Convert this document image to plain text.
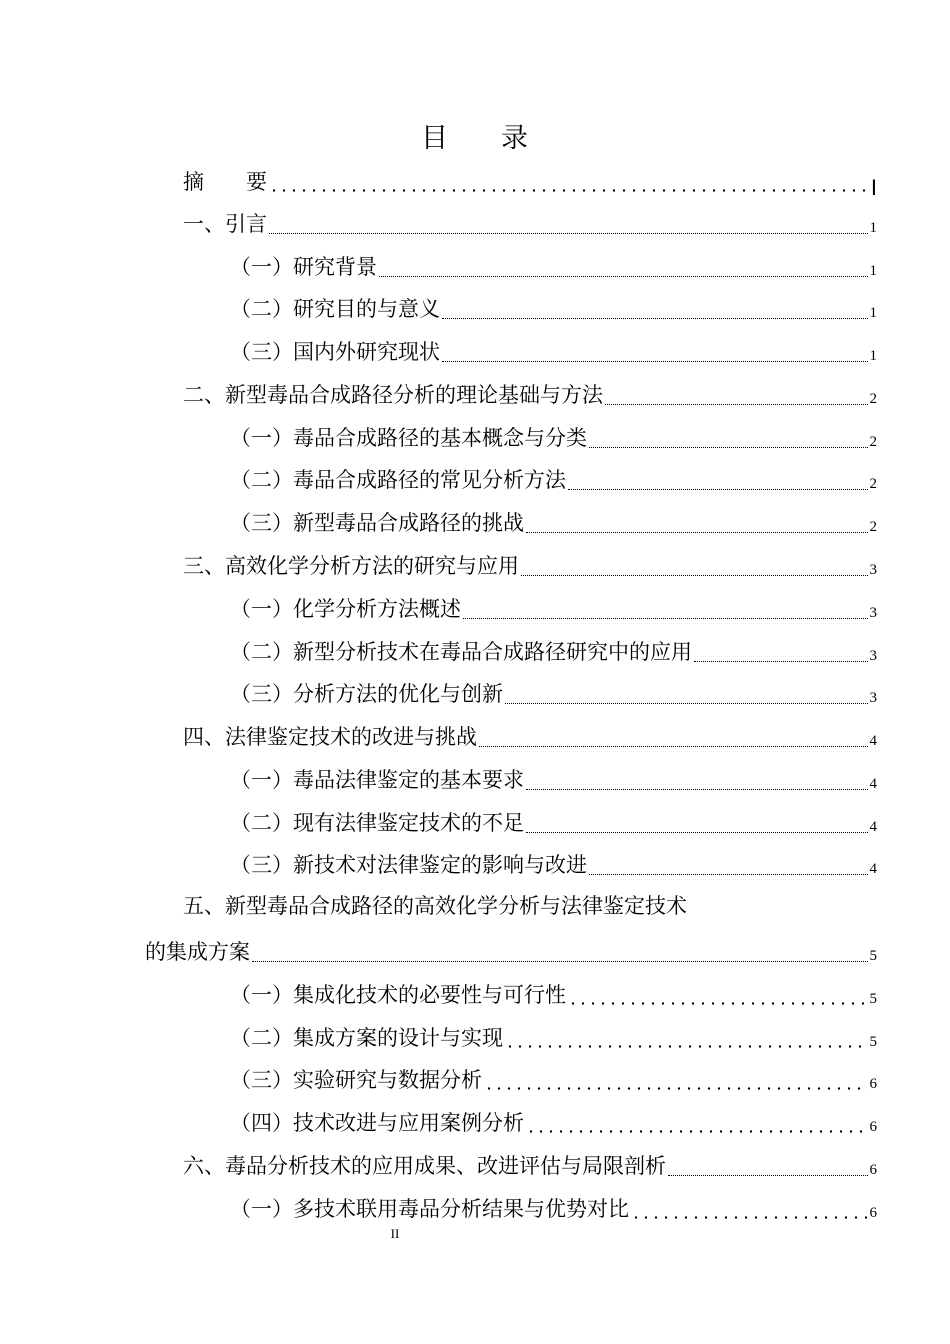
目 录
摘　　要	I
一、引言	1
（一）研究背景	1
（二）研究目的与意义	1
（三）国内外研究现状	1
二、新型毒品合成路径分析的理论基础与方法	2
（一）毒品合成路径的基本概念与分类	2
（二）毒品合成路径的常见分析方法	2
（三）新型毒品合成路径的挑战	2
三、高效化学分析方法的研究与应用	3
（一）化学分析方法概述	3
（二）新型分析技术在毒品合成路径研究中的应用	3
（三）分析方法的优化与创新	3
四、法律鉴定技术的改进与挑战	4
（一）毒品法律鉴定的基本要求	4
（二）现有法律鉴定技术的不足	4
（三）新技术对法律鉴定的影响与改进	4
五、新型毒品合成路径的高效化学分析与法律鉴定技术
的集成方案	5
（一）集成化技术的必要性与可行性	5
（二）集成方案的设计与实现	5
（三）实验研究与数据分析	6
（四）技术改进与应用案例分析	6
六、毒品分析技术的应用成果、改进评估与局限剖析	6
（一）多技术联用毒品分析结果与优势对比	6
II
